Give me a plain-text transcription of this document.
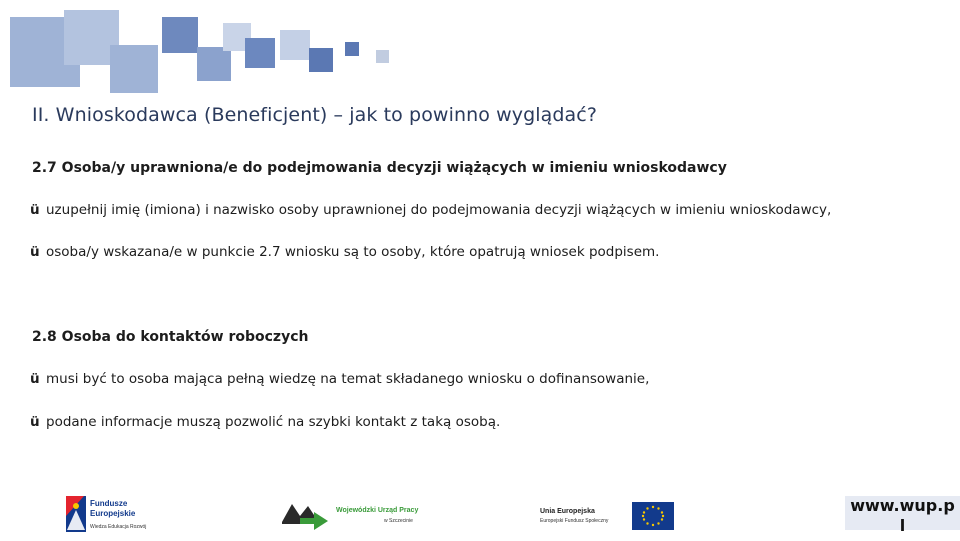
II. Wnioskodawca (Beneficjent) – jak to powinno wyglądać?
2.7 Osoba/y uprawniona/e do podejmowania decyzji wiążących w imieniu wnioskodawcy
ü uzupełnij imię (imiona) i nazwisko osoby uprawnionej do podejmowania decyzji wiążących w imieniu wnioskodawcy,
ü osoba/y wskazana/e w punkcie 2.7 wniosku są to osoby, które opatrują wniosek podpisem.
2.8 Osoba do kontaktów roboczych
ü musi być to osoba mająca pełną wiedzę na temat składanego wniosku o dofinansowanie,
ü podane informacje muszą pozwolić na szybki kontakt z taką osobą.
Fundusze
Europejskie
Wiedza Edukacja Rozwój
Wojewódzki Urząd Pracy
w Szczecinie
Unia Europejska
Europejski Fundusz Społeczny
www.wup.p
l
